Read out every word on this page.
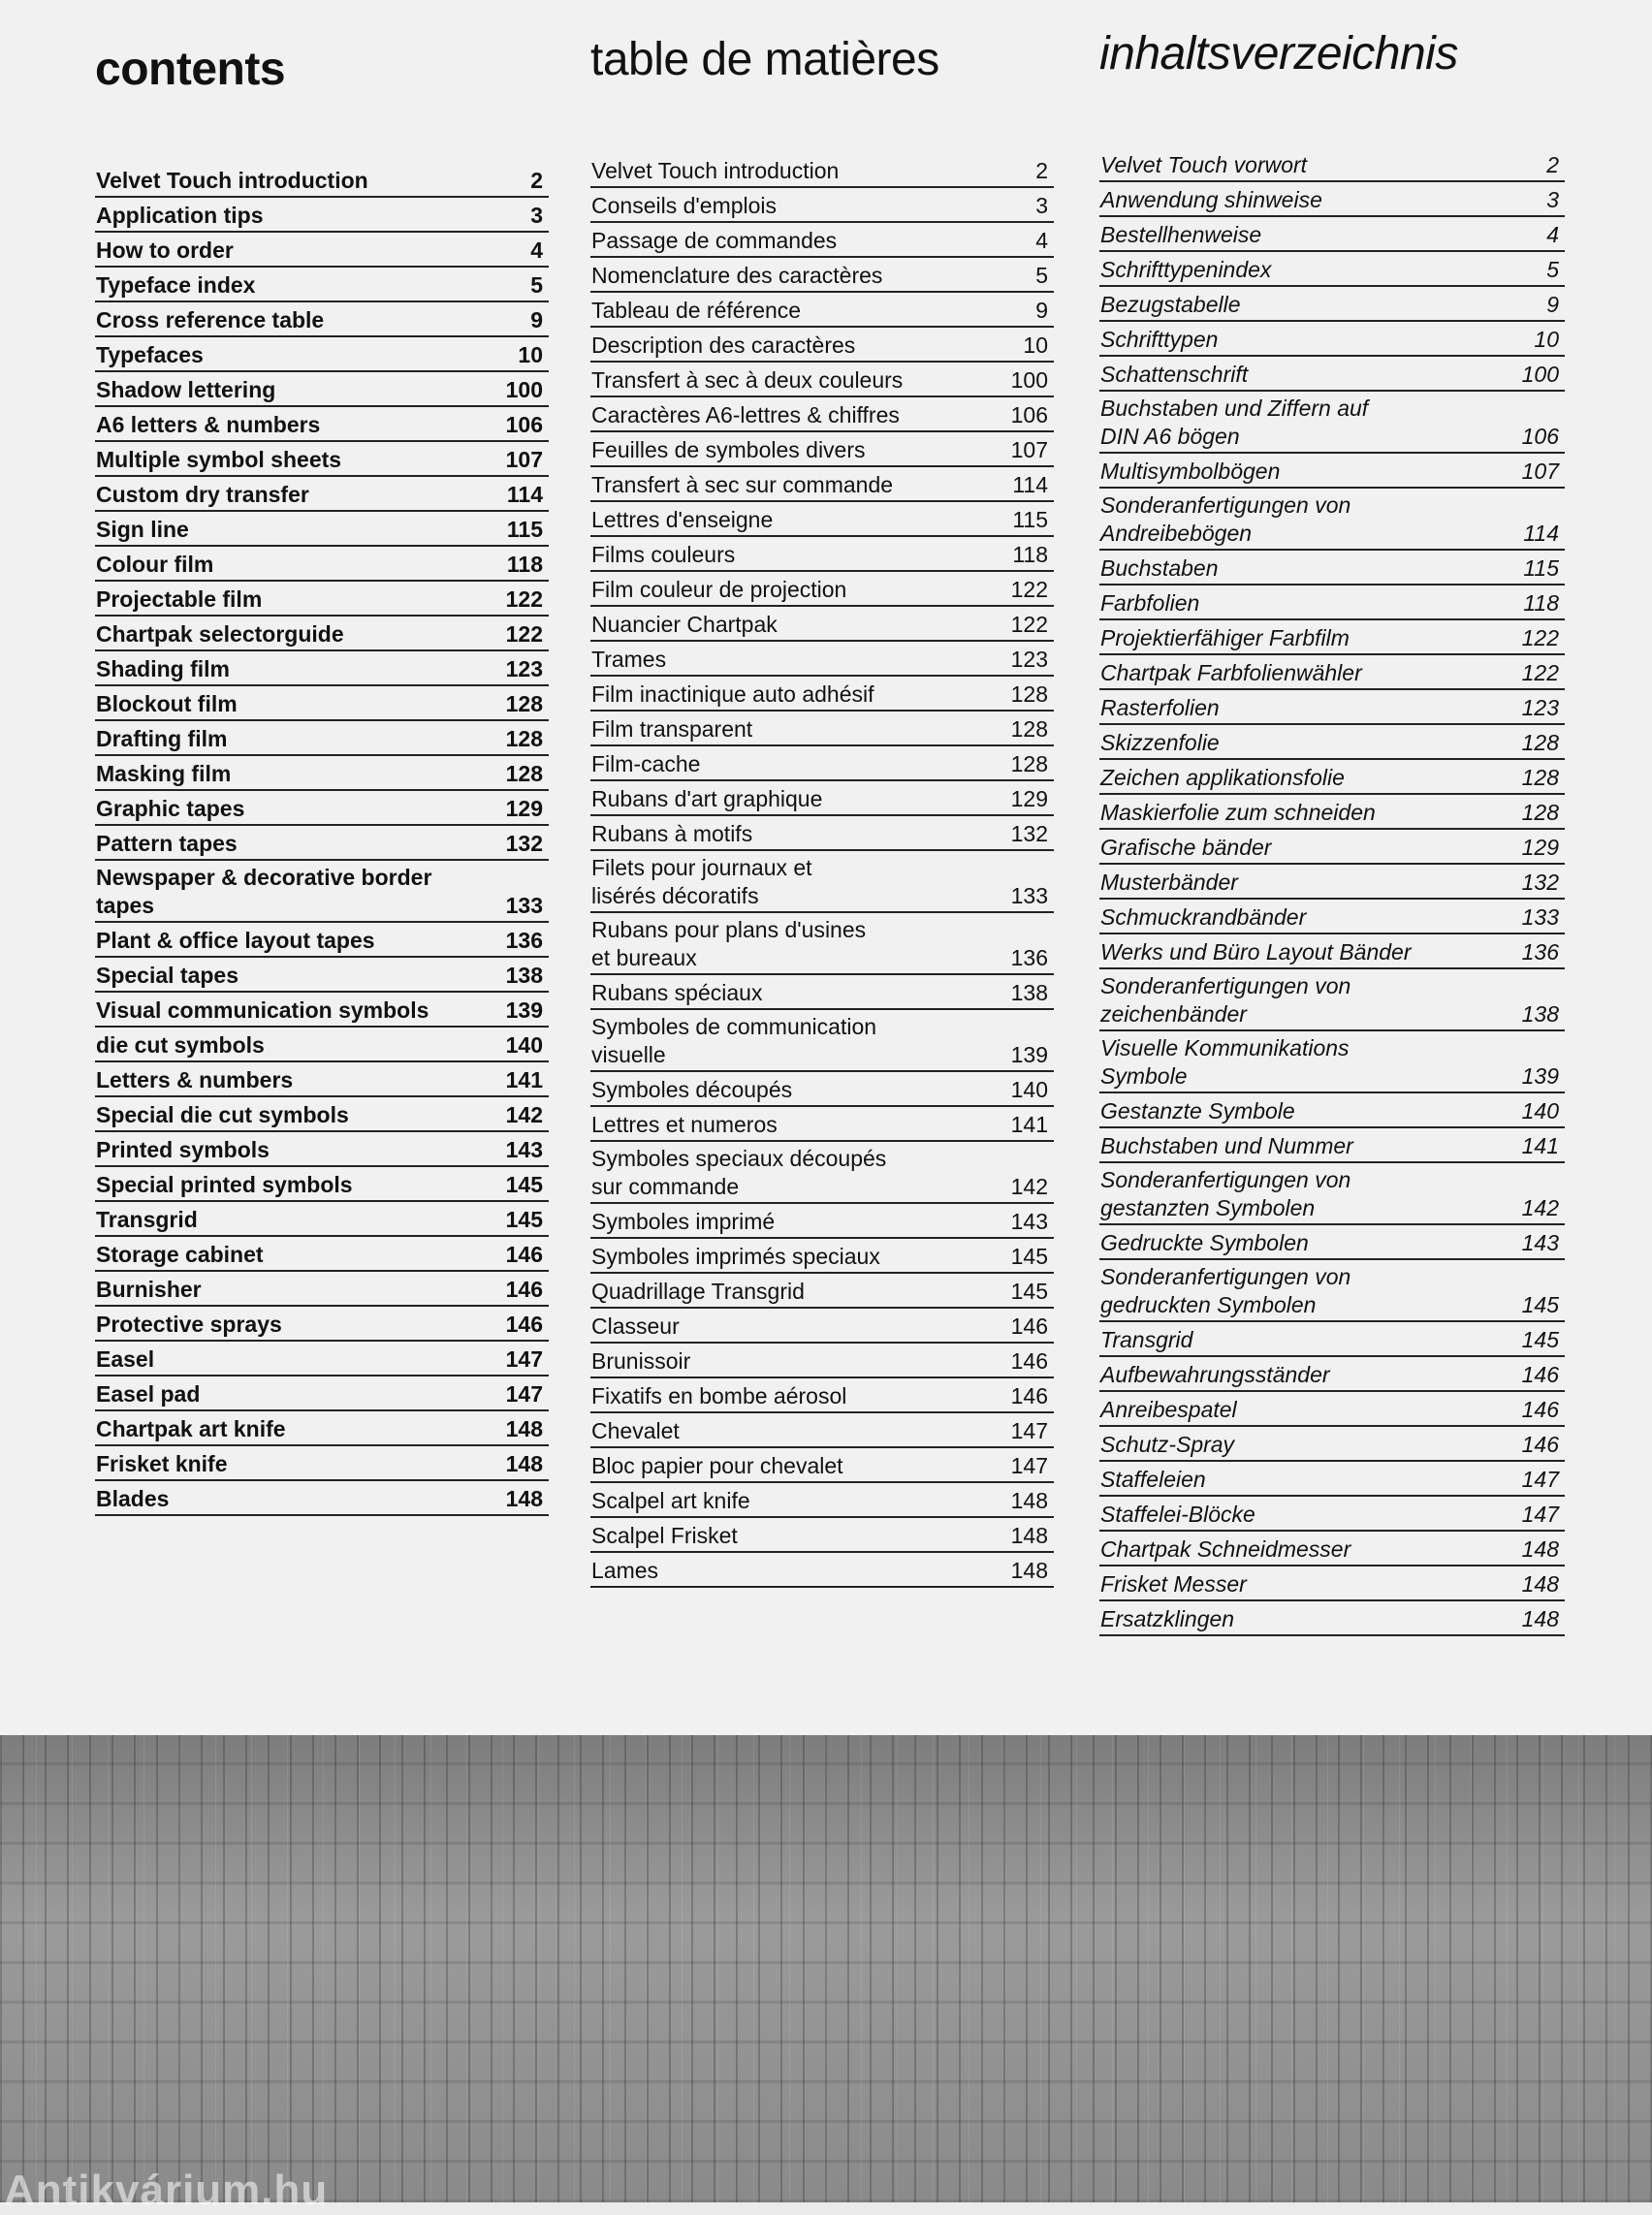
contents
Velvet Touch introduction	2
Application tips	3
How to order	4
Typeface index	5
Cross reference table	9
Typefaces	10
Shadow lettering	100
A6 letters & numbers	106
Multiple symbol sheets	107
Custom dry transfer	114
Sign line	115
Colour film	118
Projectable film	122
Chartpak selectorguide	122
Shading film	123
Blockout film	128
Drafting film	128
Masking film	128
Graphic tapes	129
Pattern tapes	132
Newspaper & decorative border
tapes	133
Plant & office layout tapes	136
Special tapes	138
Visual communication symbols	139
die cut symbols	140
Letters & numbers	141
Special die cut symbols	142
Printed symbols	143
Special printed symbols	145
Transgrid	145
Storage cabinet	146
Burnisher	146
Protective sprays	146
Easel	147
Easel pad	147
Chartpak art knife	148
Frisket knife	148
Blades	148
table de matières
Velvet Touch introduction	2
Conseils d'emplois	3
Passage de commandes	4
Nomenclature des caractères	5
Tableau de référence	9
Description des caractères	10
Transfert à sec à deux couleurs	100
Caractères A6-lettres & chiffres	106
Feuilles de symboles divers	107
Transfert à sec sur commande	114
Lettres d'enseigne	115
Films couleurs	118
Film couleur de projection	122
Nuancier Chartpak	122
Trames	123
Film inactinique auto adhésif	128
Film transparent	128
Film-cache	128
Rubans d'art graphique	129
Rubans à motifs	132
Filets pour journaux et
lisérés décoratifs	133
Rubans pour plans d'usines
et bureaux	136
Rubans spéciaux	138
Symboles de communication
visuelle	139
Symboles découpés	140
Lettres et numeros	141
Symboles speciaux découpés
sur commande	142
Symboles imprimé	143
Symboles imprimés speciaux	145
Quadrillage Transgrid	145
Classeur	146
Brunissoir	146
Fixatifs en bombe aérosol	146
Chevalet	147
Bloc papier pour chevalet	147
Scalpel art knife	148
Scalpel Frisket	148
Lames	148
inhaltsverzeichnis
Velvet Touch vorwort	2
Anwendung shinweise	3
Bestellhenweise	4
Schrifttypenindex	5
Bezugstabelle	9
Schrifttypen	10
Schattenschrift	100
Buchstaben und Ziffern auf
DIN A6 bögen	106
Multisymbolbögen	107
Sonderanfertigungen von
Andreibebögen	114
Buchstaben	115
Farbfolien	118
Projektierfähiger Farbfilm	122
Chartpak Farbfolienwähler	122
Rasterfolien	123
Skizzenfolie	128
Zeichen applikationsfolie	128
Maskierfolie zum schneiden	128
Grafische bänder	129
Musterbänder	132
Schmuckrandbänder	133
Werks und Büro Layout Bänder	136
Sonderanfertigungen von
zeichenbänder	138
Visuelle Kommunikations
Symbole	139
Gestanzte Symbole	140
Buchstaben und Nummer	141
Sonderanfertigungen von
gestanzten Symbolen	142
Gedruckte Symbolen	143
Sonderanfertigungen von
gedruckten Symbolen	145
Transgrid	145
Aufbewahrungsständer	146
Anreibespatel	146
Schutz-Spray	146
Staffeleien	147
Staffelei-Blöcke	147
Chartpak Schneidmesser	148
Frisket Messer	148
Ersatzklingen	148
Antikvárium.hu
